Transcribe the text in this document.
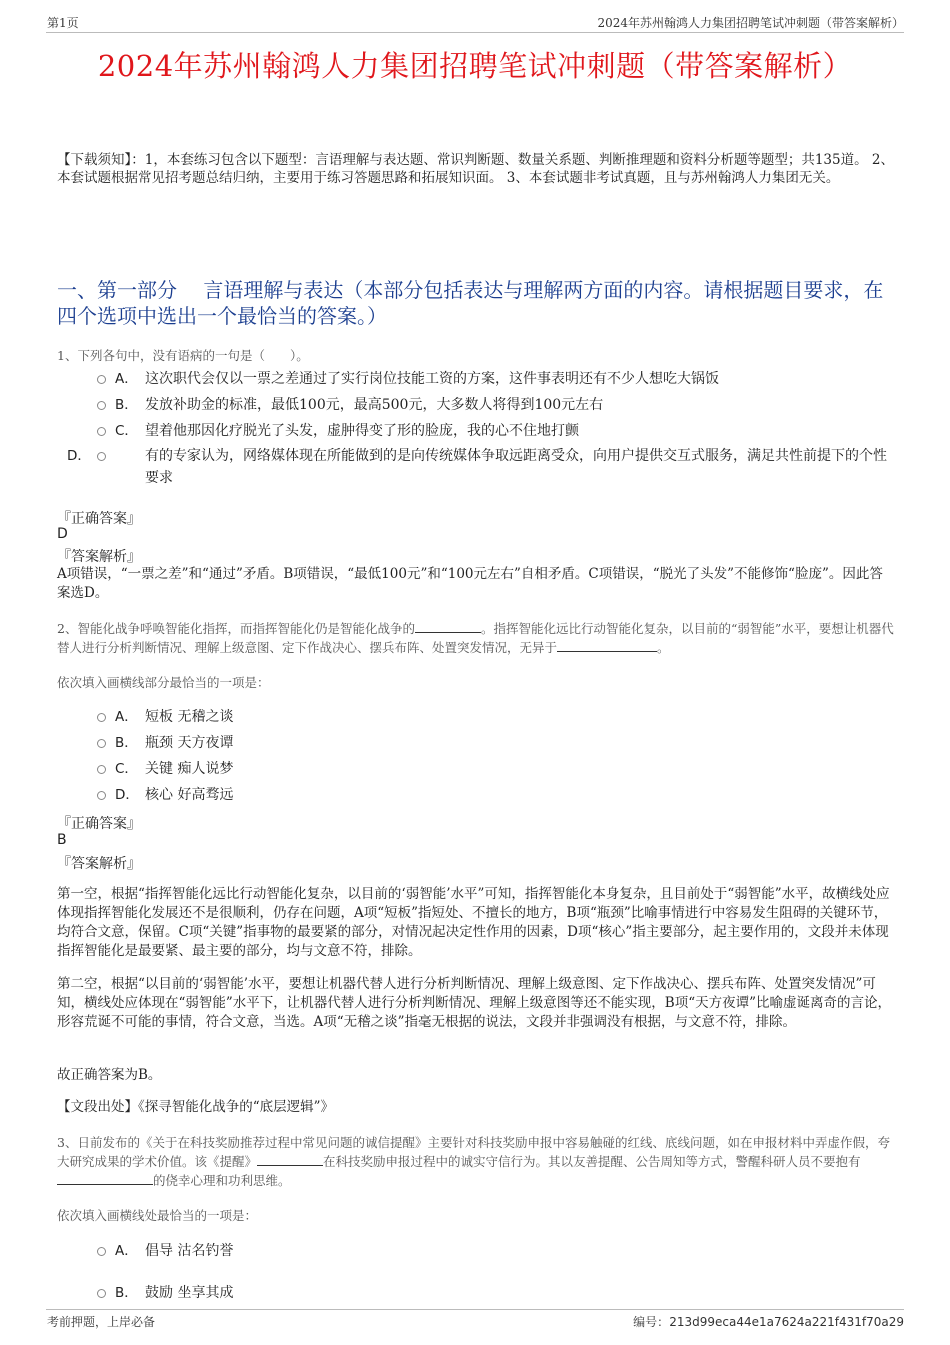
第1页	2024年苏州翰鸿人力集团招聘笔试冲刺题（带答案解析）
2024年苏州翰鸿人力集团招聘笔试冲刺题（带答案解析）
【下载须知】：1，本套练习包含以下题型：言语理解与表达题、常识判断题、数量关系题、判断推理题和资料分析题等题型；共135道。 2、本套试题根据常见招考题总结归纳，主要用于练习答题思路和拓展知识面。 3、本套试题非考试真题，且与苏州翰鸿人力集团无关。
一、第一部分　 言语理解与表达（本部分包括表达与理解两方面的内容。请根据题目要求，在四个选项中选出一个最恰当的答案。）
1、下列各句中，没有语病的一句是（　　）。
A． 这次职代会仅以一票之差通过了实行岗位技能工资的方案，这件事表明还有不少人想吃大锅饭
B． 发放补助金的标准，最低100元，最高500元，大多数人将得到100元左右
C． 望着他那因化疗脱光了头发，虚肿得变了形的脸庞，我的心不住地打颤
D．	有的专家认为，网络媒体现在所能做到的是向传统媒体争取远距离受众，向用户提供交互式服务，满足共性前提下的个性要求
『正确答案』
D
『答案解析』
A项错误，“一票之差”和“通过”矛盾。B项错误，“最低100元”和“100元左右”自相矛盾。C项错误，“脱光了头发”不能修饰“脸庞”。因此答案选D。
2、智能化战争呼唤智能化指挥，而指挥智能化仍是智能化战争的	。指挥智能化远比行动智能化复杂，以目前的“弱智能”水平，要想让机器代替人进行分析判断情况、理解上级意图、定下作战决心、摆兵布阵、处置突发情况，无异于	。
依次填入画横线部分最恰当的一项是：
A． 短板 无稽之谈
B． 瓶颈 天方夜谭
C． 关键 痴人说梦
D． 核心 好高骛远
『正确答案』
B
『答案解析』
第一空，根据“指挥智能化远比行动智能化复杂，以目前的‘弱智能’水平”可知，指挥智能化本身复杂，且目前处于“弱智能”水平，故横线处应体现指挥智能化发展还不是很顺利，仍存在问题，A项“短板”指短处、不擅长的地方，B项“瓶颈”比喻事情进行中容易发生阻碍的关键环节，均符合文意，保留。C项“关键”指事物的最要紧的部分，对情况起决定性作用的因素，D项“核心”指主要部分，起主要作用的，文段并未体现指挥智能化是最要紧、最主要的部分，均与文意不符，排除。
第二空，根据“以目前的‘弱智能’水平，要想让机器代替人进行分析判断情况、理解上级意图、定下作战决心、摆兵布阵、处置突发情况”可知，横线处应体现在“弱智能”水平下，让机器代替人进行分析判断情况、理解上级意图等还不能实现，B项“天方夜谭”比喻虚诞离奇的言论，形容荒诞不可能的事情，符合文意，当选。A项“无稽之谈”指毫无根据的说法，文段并非强调没有根据，与文意不符，排除。
故正确答案为B。
【文段出处】《探寻智能化战争的“底层逻辑”》
3、日前发布的《关于在科技奖励推荐过程中常见问题的诚信提醒》主要针对科技奖励申报中容易触碰的红线、底线问题，如在申报材料中弄虚作假，夸大研究成果的学术价值。该《提醒》	在科技奖励申报过程中的诚实守信行为。其以友善提醒、公告周知等方式，警醒科研人员不要抱有的侥幸心理和功利思维。
依次填入画横线处最恰当的一项是：
A． 倡导 沽名钓誉
B． 鼓励 坐享其成
考前押题，上岸必备	编号：213d99eca44e1a7624a221f431f70a29
